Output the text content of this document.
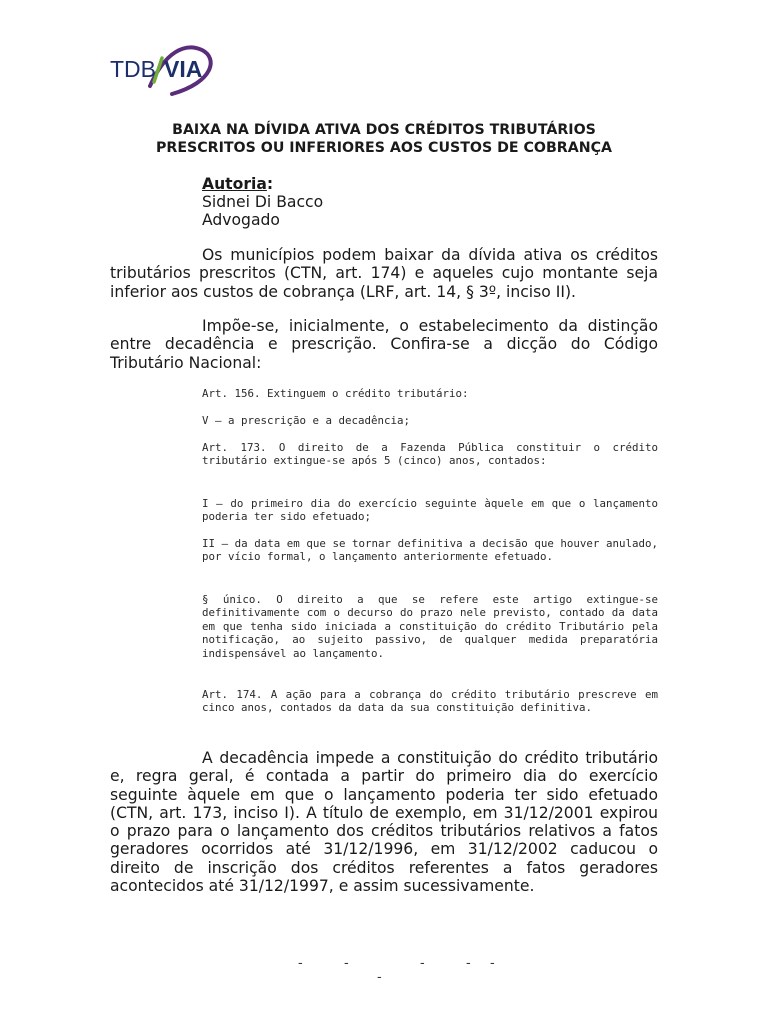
TDB VIA
BAIXA NA DÍVIDA ATIVA DOS CRÉDITOS TRIBUTÁRIOS
PRESCRITOS OU INFERIORES AOS CUSTOS DE COBRANÇA
Autoria:
Sidnei Di Bacco
Advogado
Os municípios podem baixar da dívida ativa os créditos tributários prescritos (CTN, art. 174) e aqueles cujo montante seja inferior aos custos de cobrança (LRF, art. 14, § 3º, inciso II).
Impõe-se, inicialmente, o estabelecimento da distinção entre decadência e prescrição. Confira-se a dicção do Código Tributário Nacional:
Art. 156. Extinguem o crédito tributário:
V – a prescrição e a decadência;
Art. 173. O direito de a Fazenda Pública constituir o crédito tributário extingue-se após 5 (cinco) anos, contados:
I – do primeiro dia do exercício seguinte àquele em que o lançamento poderia ter sido efetuado;
II – da data em que se tornar definitiva a decisão que houver anulado, por vício formal, o lançamento anteriormente efetuado.
§ único. O direito a que se refere este artigo extingue-se definitivamente com o decurso do prazo nele previsto, contado da data em que tenha sido iniciada a constituição do crédito Tributário pela notificação, ao sujeito passivo, de qualquer medida preparatória indispensável ao lançamento.
Art. 174. A ação para a cobrança do crédito tributário prescreve em cinco anos, contados da data da sua constituição definitiva.
A decadência impede a constituição do crédito tributário e, regra geral, é contada a partir do primeiro dia do exercício seguinte àquele em que o lançamento poderia ter sido efetuado (CTN, art. 173, inciso I). A título de exemplo, em 31/12/2001 expirou o prazo para o lançamento dos créditos tributários relativos a fatos geradores ocorridos até 31/12/1996, em 31/12/2002 caducou o direito de inscrição dos créditos referentes a fatos geradores acontecidos até 31/12/1997, e assim sucessivamente.
-	-	-	- -
-
